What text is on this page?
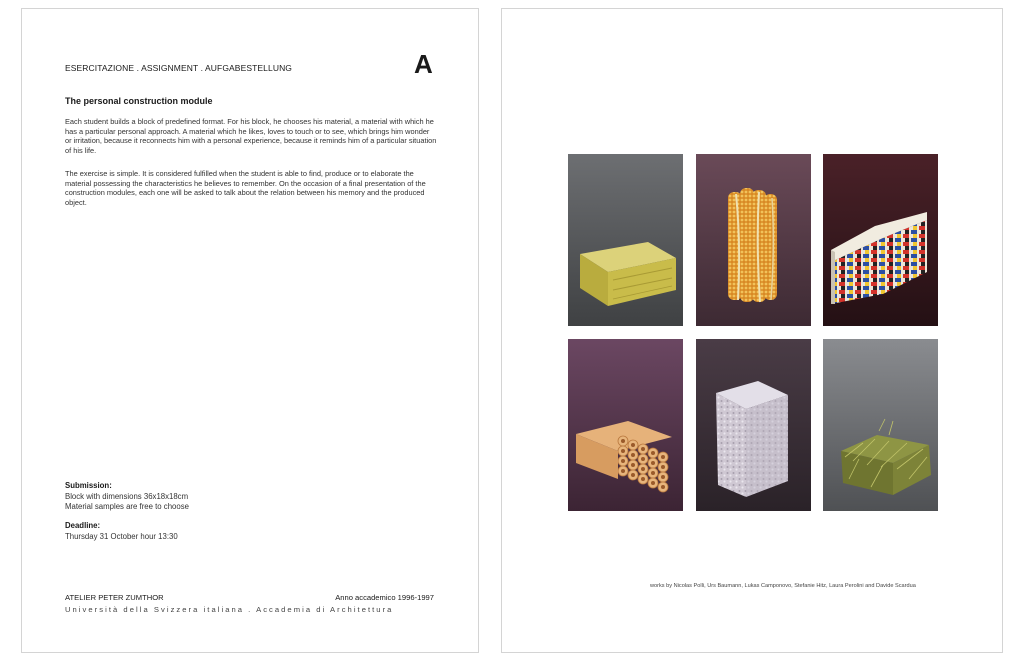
ESERCITAZIONE . ASSIGNMENT . AUFGABESTELLUNG	A
The personal construction module

Each student builds a block of predefined format. For his block, he chooses his material, a material with which he has a particular personal approach. A material which he likes, loves to touch or to see, which brings him wonder or irritation, because it reconnects him with a personal experience, because it reminds him of a particular situation of his life.

The exercise is simple. It is considered fulfilled when the student is able to find, produce or to elaborate the material possessing the characteristics he believes to remember. On the occasion of a final presentation of the construction modules, each one will be asked to talk about the relation between his memory and the produced object.

Submission:
Block with dimensions 36x18x18cm
Material samples are free to choose
Deadline:
Thursday 31 October hour 13:30
ATELIER PETER ZUMTHOR	Anno accademico 1996-1997
Università della Svizzera italiana . Accademia di Architettura
works by Nicolas Polli, Urs Baumann, Lukas Camponovo, Stefanie Hitz, Laura Perolini and Davide Scardua
